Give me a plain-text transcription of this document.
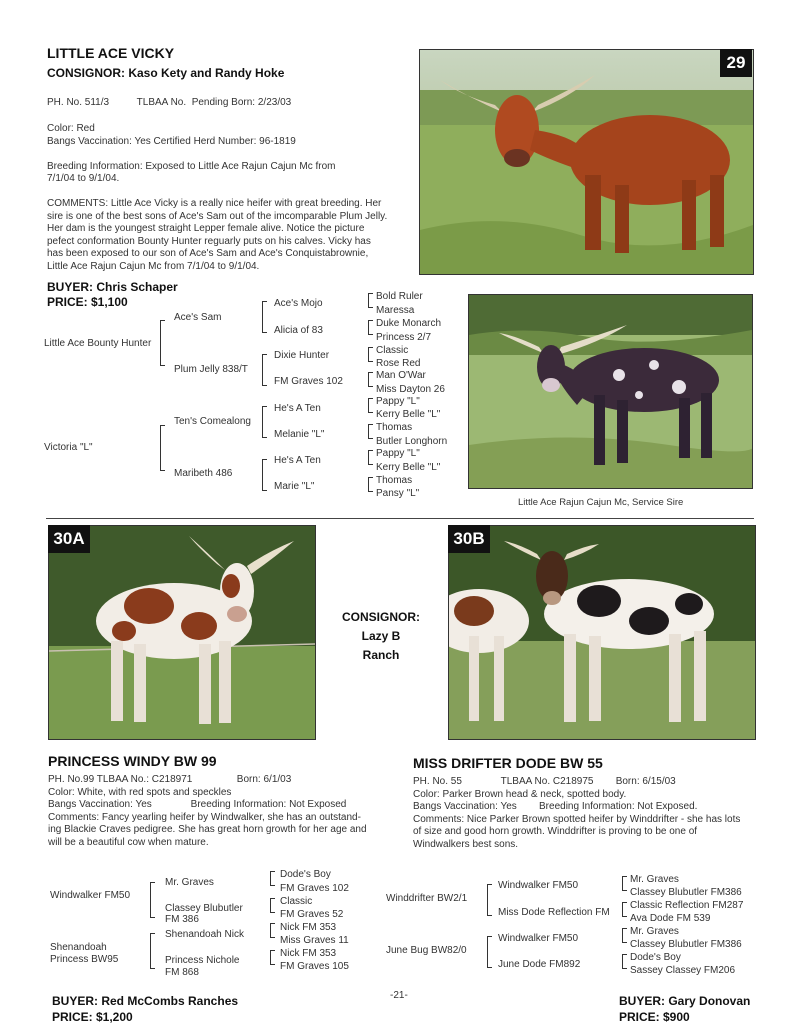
LITTLE ACE VICKY
CONSIGNOR: Kaso Kety and Randy Hoke
PH. No. 511/3          TLBAA No.  Pending Born: 2/23/03
Color: Red
Bangs Vaccination: Yes Certified Herd Number: 96-1819
Breeding Information: Exposed to Little Ace Rajun Cajun Mc from
7/1/04 to 9/1/04.
COMMENTS: Little Ace Vicky is a really nice heifer with great breeding. Her
sire is one of the best sons of Ace's Sam out of the imcomparable Plum Jelly.
Her dam is the youngest straight Lepper female alive. Notice the picture
pefect conformation Bounty Hunter reguarly puts on his calves. Vicky has
has been exposed to our son of Ace's Sam and Ace's Conquistabrownie,
Little Ace Rajun Cajun Mc from 7/1/04 to 9/1/04.
BUYER: Chris Schaper
PRICE: $1,100
29
Little Ace Bounty Hunter
Victoria "L"
Ace's Sam
Plum Jelly 838/T
Ten's Comealong
Maribeth 486
Ace's Mojo
Alicia of 83
Dixie Hunter
FM Graves 102
He's A Ten
Melanie "L"
He's A Ten
Marie "L"
Bold Ruler
Maressa
Duke Monarch
Princess 2/7
Classic
Rose Red
Man O'War
Miss Dayton 26
Pappy "L"
Kerry Belle "L"
Thomas
Butler Longhorn
Pappy "L"
Kerry Belle "L"
Thomas
Pansy "L"
Little Ace Rajun Cajun Mc, Service Sire
30A	30B
CONSIGNOR:
Lazy B
Ranch
PRINCESS WINDY BW 99
PH. No.99 TLBAA No.: C218971                Born: 6/1/03
Color: White, with red spots and speckles
Bangs Vaccination: Yes              Breeding Information: Not Exposed
Comments: Fancy yearling heifer by Windwalker, she has an outstand-
ing Blackie Craves pedigree. She has great horn growth for her age and
will be a beautiful cow when mature.
Windwalker FM50
Shenandoah
Princess BW95
Mr. Graves
Classey Blubutler
FM 386
Shenandoah Nick
Princess Nichole
FM 868
Dode's Boy
FM Graves 102
Classic
FM Graves 52
Nick FM 353
Miss Graves 11
Nick FM 353
FM Graves 105
BUYER: Red McCombs Ranches
PRICE: $1,200
MISS DRIFTER DODE BW 55
PH. No. 55              TLBAA No. C218975        Born: 6/15/03
Color: Parker Brown head & neck, spotted body.
Bangs Vaccination: Yes        Breeding Information: Not Exposed.
Comments: Nice Parker Brown spotted heifer by Winddrifter - she has lots
of size and good horn growth. Winddrifter is proving to be one of
Windwalkers best sons.
Winddrifter BW2/1
June Bug BW82/0
Windwalker FM50
Miss Dode Reflection FM
Windwalker FM50
June Dode FM892
Mr. Graves
Classey Blubutler FM386
Classic Reflection FM287
Ava Dode FM 539
Mr. Graves
Classey Blubutler FM386
Dode's Boy
Sassey Classey FM206
BUYER: Gary Donovan
PRICE: $900
-21-
